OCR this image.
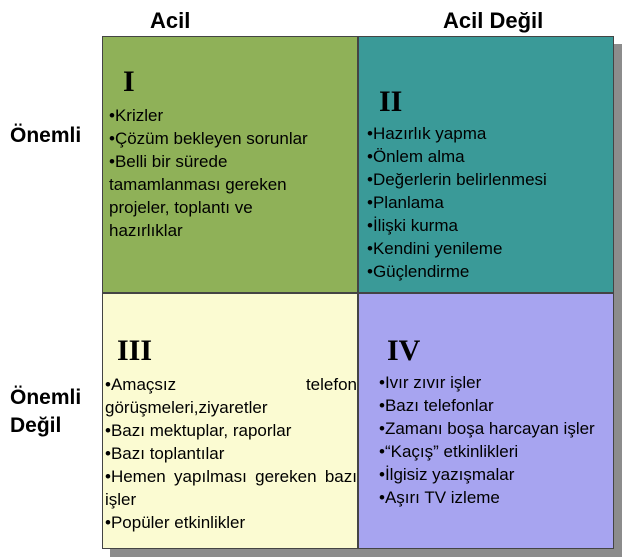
Acil	Acil Değil
Önemli
Önemli
Değil
I
•Krizler
•Çözüm bekleyen sorunlar
•Belli bir sürede tamamlanması gereken projeler, toplantı ve hazırlıklar
II
•Hazırlık yapma
•Önlem alma
•Değerlerin belirlenmesi
•Planlama
•İlişki kurma
•Kendini yenileme
•Güçlendirme
III
•Amaçsız telefon görüşmeleri,ziyaretler
•Bazı mektuplar, raporlar
•Bazı toplantılar
•Hemen yapılması gereken bazı işler
•Popüler etkinlikler
IV
•Ivır zıvır işler
•Bazı telefonlar
•Zamanı boşa harcayan işler
•“Kaçış” etkinlikleri
•İlgisiz yazışmalar
•Aşırı TV izleme
